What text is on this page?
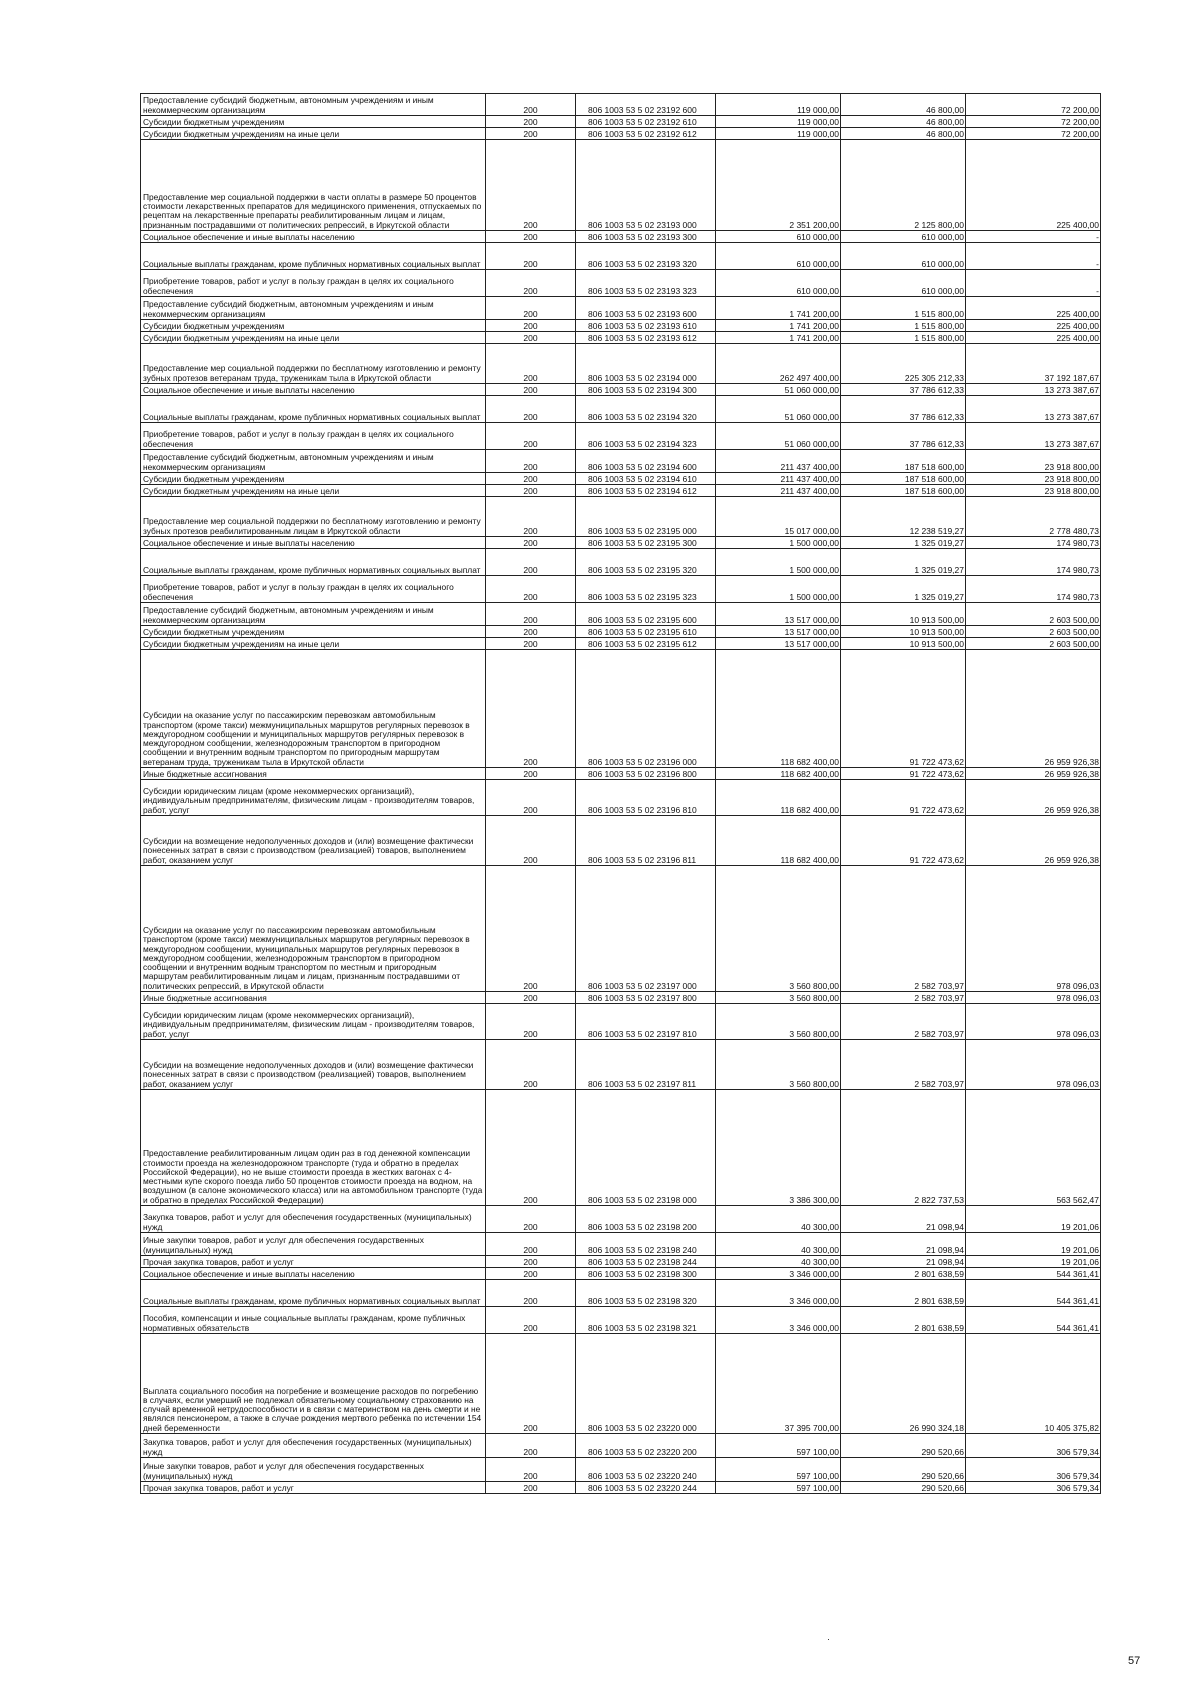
Предоставление субсидий бюджетным, автономным учреждениям и иным некоммерческим организациям	200	806 1003 53 5 02 23192 600	119 000,00	46 800,00	72 200,00
Субсидии бюджетным учреждениям	200	806 1003 53 5 02 23192 610	119 000,00	46 800,00	72 200,00
Субсидии бюджетным учреждениям на иные цели	200	806 1003 53 5 02 23192 612	119 000,00	46 800,00	72 200,00
Предоставление мер социальной поддержки в части оплаты в размере 50 процентов стоимости лекарственных препаратов для медицинского применения, отпускаемых по рецептам на лекарственные препараты реабилитированным лицам и лицам, признанным пострадавшими от политических репрессий, в Иркутской области	200	806 1003 53 5 02 23193 000	2 351 200,00	2 125 800,00	225 400,00
Социальное обеспечение и иные выплаты населению	200	806 1003 53 5 02 23193 300	610 000,00	610 000,00	-
Социальные выплаты гражданам, кроме публичных нормативных социальных выплат	200	806 1003 53 5 02 23193 320	610 000,00	610 000,00	-
Приобретение товаров, работ и услуг в пользу граждан в целях их социального обеспечения	200	806 1003 53 5 02 23193 323	610 000,00	610 000,00	-
Предоставление субсидий бюджетным, автономным учреждениям и иным некоммерческим организациям	200	806 1003 53 5 02 23193 600	1 741 200,00	1 515 800,00	225 400,00
Субсидии бюджетным учреждениям	200	806 1003 53 5 02 23193 610	1 741 200,00	1 515 800,00	225 400,00
Субсидии бюджетным учреждениям на иные цели	200	806 1003 53 5 02 23193 612	1 741 200,00	1 515 800,00	225 400,00
Предоставление мер социальной поддержки по бесплатному изготовлению и ремонту зубных протезов ветеранам труда, труженикам тыла в Иркутской области	200	806 1003 53 5 02 23194 000	262 497 400,00	225 305 212,33	37 192 187,67
Социальное обеспечение и иные выплаты населению	200	806 1003 53 5 02 23194 300	51 060 000,00	37 786 612,33	13 273 387,67
Социальные выплаты гражданам, кроме публичных нормативных социальных выплат	200	806 1003 53 5 02 23194 320	51 060 000,00	37 786 612,33	13 273 387,67
Приобретение товаров, работ и услуг в пользу граждан в целях их социального обеспечения	200	806 1003 53 5 02 23194 323	51 060 000,00	37 786 612,33	13 273 387,67
Предоставление субсидий бюджетным, автономным учреждениям и иным некоммерческим организациям	200	806 1003 53 5 02 23194 600	211 437 400,00	187 518 600,00	23 918 800,00
Субсидии бюджетным учреждениям	200	806 1003 53 5 02 23194 610	211 437 400,00	187 518 600,00	23 918 800,00
Субсидии бюджетным учреждениям на иные цели	200	806 1003 53 5 02 23194 612	211 437 400,00	187 518 600,00	23 918 800,00
Предоставление мер социальной поддержки по бесплатному изготовлению и ремонту зубных протезов реабилитированным лицам в Иркутской области	200	806 1003 53 5 02 23195 000	15 017 000,00	12 238 519,27	2 778 480,73
Социальное обеспечение и иные выплаты населению	200	806 1003 53 5 02 23195 300	1 500 000,00	1 325 019,27	174 980,73
Социальные выплаты гражданам, кроме публичных нормативных социальных выплат	200	806 1003 53 5 02 23195 320	1 500 000,00	1 325 019,27	174 980,73
Приобретение товаров, работ и услуг в пользу граждан в целях их социального обеспечения	200	806 1003 53 5 02 23195 323	1 500 000,00	1 325 019,27	174 980,73
Предоставление субсидий бюджетным, автономным учреждениям и иным некоммерческим организациям	200	806 1003 53 5 02 23195 600	13 517 000,00	10 913 500,00	2 603 500,00
Субсидии бюджетным учреждениям	200	806 1003 53 5 02 23195 610	13 517 000,00	10 913 500,00	2 603 500,00
Субсидии бюджетным учреждениям на иные цели	200	806 1003 53 5 02 23195 612	13 517 000,00	10 913 500,00	2 603 500,00
Субсидии на оказание услуг по пассажирским перевозкам автомобильным транспортом (кроме такси) межмуниципальных маршрутов регулярных перевозок в междугородном сообщении и муниципальных маршрутов регулярных перевозок в междугородном сообщении, железнодорожным транспортом в пригородном сообщении и внутренним водным транспортом по пригородным маршрутам ветеранам труда, труженикам тыла в Иркутской области	200	806 1003 53 5 02 23196 000	118 682 400,00	91 722 473,62	26 959 926,38
Иные бюджетные ассигнования	200	806 1003 53 5 02 23196 800	118 682 400,00	91 722 473,62	26 959 926,38
Субсидии юридическим лицам (кроме некоммерческих организаций), индивидуальным предпринимателям, физическим лицам - производителям товаров, работ, услуг	200	806 1003 53 5 02 23196 810	118 682 400,00	91 722 473,62	26 959 926,38
Субсидии на возмещение недополученных доходов и (или) возмещение фактически понесенных затрат в связи с производством (реализацией) товаров, выполнением работ, оказанием услуг	200	806 1003 53 5 02 23196 811	118 682 400,00	91 722 473,62	26 959 926,38
Субсидии на оказание услуг по пассажирским перевозкам автомобильным транспортом (кроме такси) межмуниципальных маршрутов регулярных перевозок в междугородном сообщении, муниципальных маршрутов регулярных перевозок в междугородном сообщении, железнодорожным транспортом в пригородном сообщении и внутренним водным транспортом по местным и пригородным маршрутам реабилитированным лицам и лицам, признанным пострадавшими от политических репрессий, в Иркутской области	200	806 1003 53 5 02 23197 000	3 560 800,00	2 582 703,97	978 096,03
Иные бюджетные ассигнования	200	806 1003 53 5 02 23197 800	3 560 800,00	2 582 703,97	978 096,03
Субсидии юридическим лицам (кроме некоммерческих организаций), индивидуальным предпринимателям, физическим лицам - производителям товаров, работ, услуг	200	806 1003 53 5 02 23197 810	3 560 800,00	2 582 703,97	978 096,03
Субсидии на возмещение недополученных доходов и (или) возмещение фактически понесенных затрат в связи с производством (реализацией) товаров, выполнением работ, оказанием услуг	200	806 1003 53 5 02 23197 811	3 560 800,00	2 582 703,97	978 096,03
Предоставление реабилитированным лицам один раз в год денежной компенсации стоимости проезда на железнодорожном транспорте (туда и обратно в пределах Российской Федерации), но не выше стоимости проезда в жестких вагонах с 4-местными купе скорого поезда либо 50 процентов стоимости проезда на водном, на воздушном (в салоне экономического класса) или на автомобильном транспорте (туда и обратно в пределах Российской Федерации)	200	806 1003 53 5 02 23198 000	3 386 300,00	2 822 737,53	563 562,47
Закупка товаров, работ и услуг для обеспечения государственных (муниципальных) нужд	200	806 1003 53 5 02 23198 200	40 300,00	21 098,94	19 201,06
Иные закупки товаров, работ и услуг для обеспечения государственных (муниципальных) нужд	200	806 1003 53 5 02 23198 240	40 300,00	21 098,94	19 201,06
Прочая закупка товаров, работ и услуг	200	806 1003 53 5 02 23198 244	40 300,00	21 098,94	19 201,06
Социальное обеспечение и иные выплаты населению	200	806 1003 53 5 02 23198 300	3 346 000,00	2 801 638,59	544 361,41
Социальные выплаты гражданам, кроме публичных нормативных социальных выплат	200	806 1003 53 5 02 23198 320	3 346 000,00	2 801 638,59	544 361,41
Пособия, компенсации и иные социальные выплаты гражданам, кроме публичных нормативных обязательств	200	806 1003 53 5 02 23198 321	3 346 000,00	2 801 638,59	544 361,41
Выплата социального пособия на погребение и возмещение расходов по погребению в случаях, если умерший не подлежал обязательному социальному страхованию на случай временной нетрудоспособности и в связи с материнством на день смерти и не являлся пенсионером, а также в случае рождения мертвого ребенка по истечении 154 дней беременности	200	806 1003 53 5 02 23220 000	37 395 700,00	26 990 324,18	10 405 375,82
Закупка товаров, работ и услуг для обеспечения государственных (муниципальных) нужд	200	806 1003 53 5 02 23220 200	597 100,00	290 520,66	306 579,34
Иные закупки товаров, работ и услуг для обеспечения государственных (муниципальных) нужд	200	806 1003 53 5 02 23220 240	597 100,00	290 520,66	306 579,34
Прочая закупка товаров, работ и услуг	200	806 1003 53 5 02 23220 244	597 100,00	290 520,66	306 579,34
·
57
